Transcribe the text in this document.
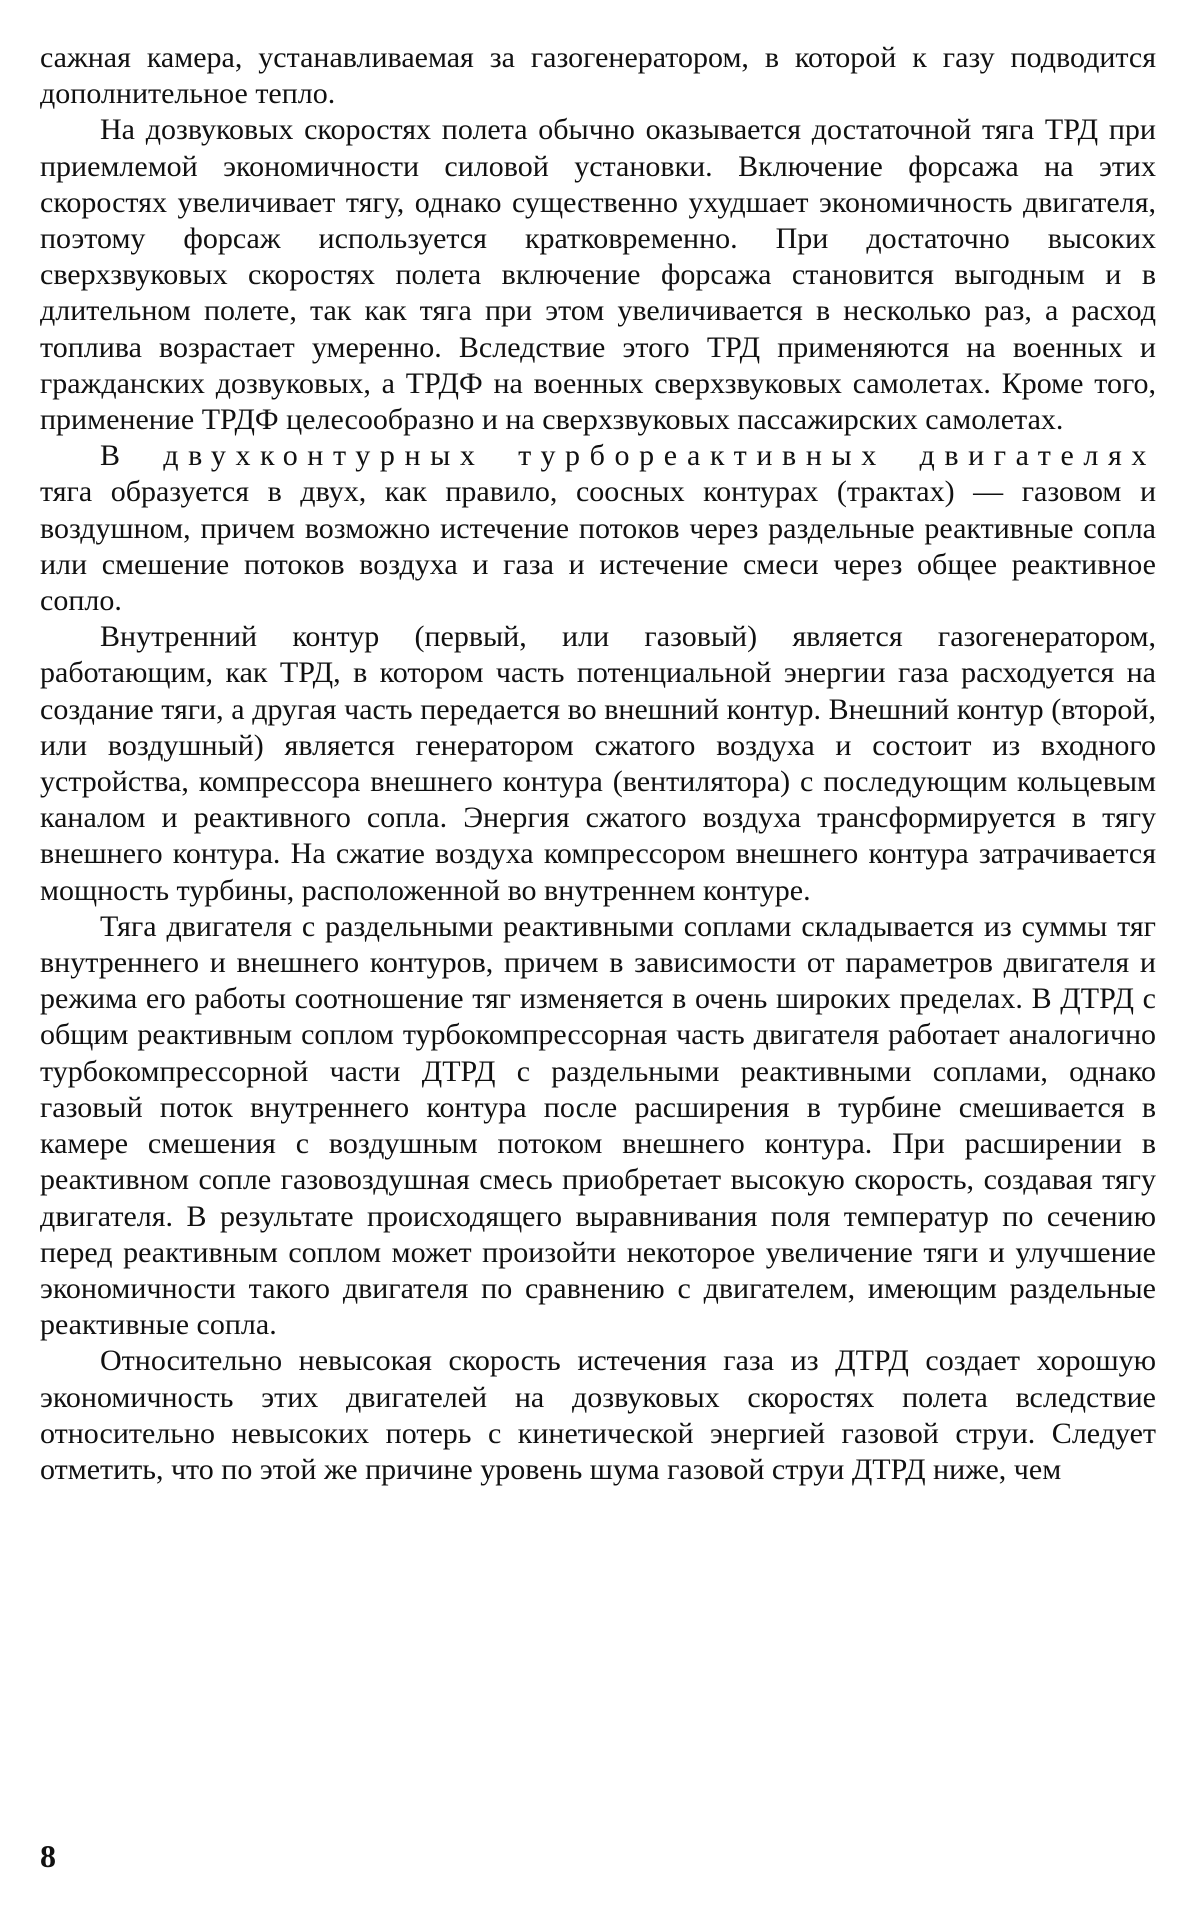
сажная камера, устанавливаемая за газогенератором, в которой к газу подводится дополнительное тепло.

На дозвуковых скоростях полета обычно оказывается достаточной тяга ТРД при приемлемой экономичности силовой установки. Включение форсажа на этих скоростях увеличивает тягу, однако существенно ухудшает экономичность двигателя, поэтому форсаж используется кратковременно. При достаточно высоких сверхзвуковых скоростях полета включение форсажа становится выгодным и в длительном полете, так как тяга при этом увеличивается в несколько раз, а расход топлива возрастает умеренно. Вследствие этого ТРД применяются на военных и гражданских дозвуковых, а ТРДФ на военных сверхзвуковых самолетах. Кроме того, применение ТРДФ целесообразно и на сверхзвуковых пассажирских самолетах.

В двухконтурных турбореактивных двигателях тяга образуется в двух, как правило, соосных контурах (трактах) — газовом и воздушном, причем возможно истечение потоков через раздельные реактивные сопла или смешение потоков воздуха и газа и истечение смеси через общее реактивное сопло.

Внутренний контур (первый, или газовый) является газогенератором, работающим, как ТРД, в котором часть потенциальной энергии газа расходуется на создание тяги, а другая часть передается во внешний контур. Внешний контур (второй, или воздушный) является генератором сжатого воздуха и состоит из входного устройства, компрессора внешнего контура (вентилятора) с последующим кольцевым каналом и реактивного сопла. Энергия сжатого воздуха трансформируется в тягу внешнего контура. На сжатие воздуха компрессором внешнего контура затрачивается мощность турбины, расположенной во внутреннем контуре.

Тяга двигателя с раздельными реактивными соплами складывается из суммы тяг внутреннего и внешнего контуров, причем в зависимости от параметров двигателя и режима его работы соотношение тяг изменяется в очень широких пределах. В ДТРД с общим реактивным соплом турбокомпрессорная часть двигателя работает аналогично турбокомпрессорной части ДТРД с раздельными реактивными соплами, однако газовый поток внутреннего контура после расширения в турбине смешивается в камере смешения с воздушным потоком внешнего контура. При расширении в реактивном сопле газовоздушная смесь приобретает высокую скорость, создавая тягу двигателя. В результате происходящего выравнивания поля температур по сечению перед реактивным соплом может произойти некоторое увеличение тяги и улучшение экономичности такого двигателя по сравнению с двигателем, имеющим раздельные реактивные сопла.

Относительно невысокая скорость истечения газа из ДТРД создает хорошую экономичность этих двигателей на дозвуковых скоростях полета вследствие относительно невысоких потерь с кинетической энергией газовой струи. Следует отметить, что по этой же причине уровень шума газовой струи ДТРД ниже, чем

8
